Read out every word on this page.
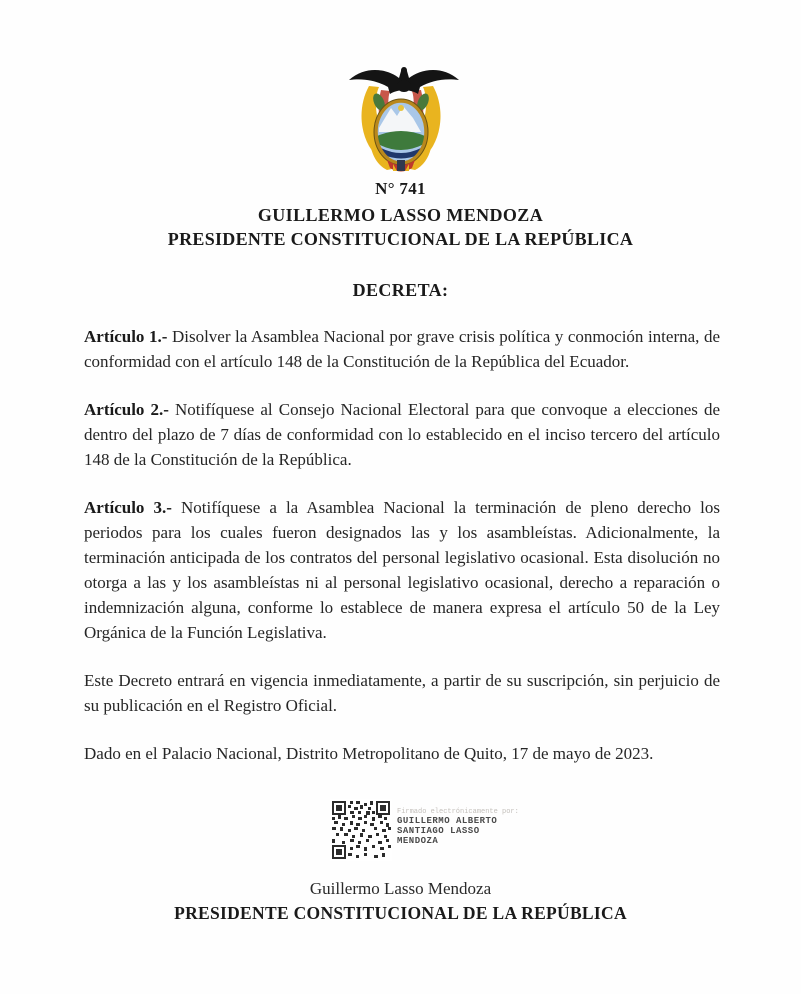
N° 741
GUILLERMO LASSO MENDOZA
PRESIDENTE CONSTITUCIONAL DE LA REPÚBLICA
DECRETA:

Artículo 1.- Disolver la Asamblea Nacional por grave crisis política y conmoción interna, de conformidad con el artículo 148 de la Constitución de la República del Ecuador.

Artículo 2.- Notifíquese al Consejo Nacional Electoral para que convoque a elecciones de dentro del plazo de 7 días de conformidad con lo establecido en el inciso tercero del artículo 148 de la Constitución de la República.

Artículo 3.- Notifíquese a la Asamblea Nacional la terminación de pleno derecho los periodos para los cuales fueron designados las y los asambleístas. Adicionalmente, la terminación anticipada de los contratos del personal legislativo ocasional. Esta disolución no otorga a las y los asambleístas ni al personal legislativo ocasional, derecho a reparación o indemnización alguna, conforme lo establece de manera expresa el artículo 50 de la Ley Orgánica de la Función Legislativa.

Este Decreto entrará en vigencia inmediatamente, a partir de su suscripción, sin perjuicio de su publicación en el Registro Oficial.

Dado en el Palacio Nacional, Distrito Metropolitano de Quito, 17 de mayo de 2023.

Firmado electrónicamente por:
GUILLERMO ALBERTO
SANTIAGO LASSO
MENDOZA
Guillermo Lasso Mendoza
PRESIDENTE CONSTITUCIONAL DE LA REPÚBLICA
